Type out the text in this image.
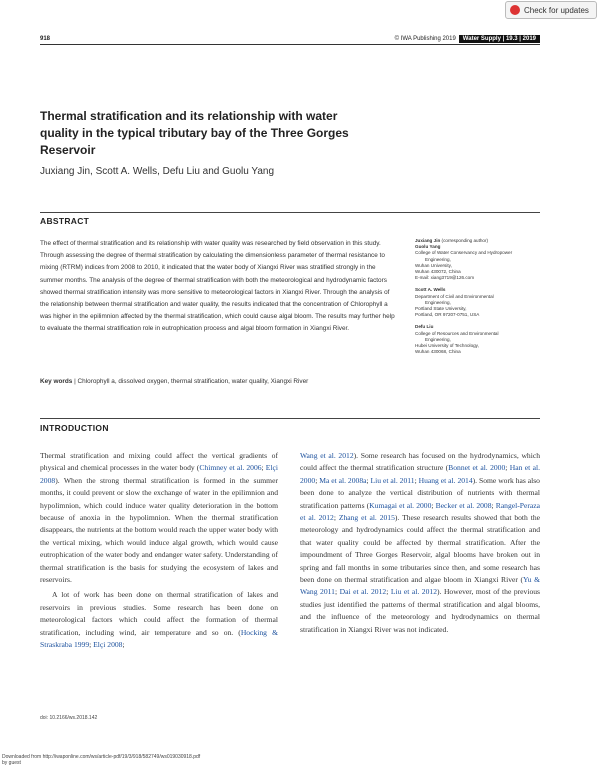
Check for updates
918	© IWA Publishing 2019	Water Supply | 19.3 | 2019
Thermal stratification and its relationship with water
quality in the typical tributary bay of the Three Gorges
Reservoir
Juxiang Jin, Scott A. Wells, Defu Liu and Guolu Yang
ABSTRACT
The effect of thermal stratification and its relationship with water quality was researched by field observation in this study. Through assessing the degree of thermal stratification by calculating the dimensionless parameter of thermal resistance to mixing (RTRM) indices from 2008 to 2010, it indicated that the water body of Xiangxi River was stratified strongly in the summer months. The analysis of the degree of thermal stratification with both the meteorological and hydrodynamic factors showed thermal stratification intensity was more sensitive to meteorological factors in Xiangxi River. Through the analysis of the relationship between thermal stratification and water quality, the results indicated that the concentration of Chlorophyll a was higher in the epilimnion affected by the thermal stratification, which could cause algal bloom. The results may further help to evaluate the thermal stratification role in eutrophication process and algal bloom formation in Xiangxi River.
Key words | Chlorophyll a, dissolved oxygen, thermal stratification, water quality, Xiangxi River
Juxiang Jin (corresponding author)
Guolu Yang
College of Water Conservancy and Hydropower
Engineering,
Wuhan University,
Wuhan 430072, China
E-mail: xiang3719@126.com
Scott A. Wells
Department of Civil and Environmental
Engineering,
Portland State University,
Portland, OR 97207-0751, USA
Defu Liu
College of Resources and Environmental
Engineering,
Hubei University of Technology,
Wuhan 430068, China
INTRODUCTION

Thermal stratification and mixing could affect the vertical gradients of physical and chemical processes in the water body (Chimney et al. 2006; Elçi 2008). When the strong thermal stratification is formed in the summer months, it could prevent or slow the exchange of water in the epilimnion and hypolimnion, which could induce water quality deterioration in the bottom because of anoxia in the hypolimnion. When the thermal stratification disappears, the nutrients at the bottom would reach the upper water body with the vertical mixing, which would induce algal growth, which would cause eutrophication of the water body and endanger water safety. Understanding of thermal stratification is the basis for studying the ecosystem of lakes and reservoirs.

A lot of work has been done on thermal stratification of lakes and reservoirs in previous studies. Some research has been done on meteorological factors which could affect the formation of thermal stratification, including wind, air temperature and so on. (Hocking & Straskraba 1999; Elçi 2008;

Wang et al. 2012). Some research has focused on the hydrodynamics, which could affect the thermal stratification structure (Bonnet et al. 2000; Han et al. 2000; Ma et al. 2008a; Liu et al. 2011; Huang et al. 2014). Some work has also been done to analyze the vertical distribution of nutrients with thermal stratification patterns (Kumagai et al. 2000; Becker et al. 2008; Rangel-Peraza et al. 2012; Zhang et al. 2015). These research results showed that both the meteorology and hydrodynamics could affect the thermal stratification and that water quality could be affected by thermal stratification. After the impoundment of Three Gorges Reservoir, algal blooms have broken out in spring and fall months in some tributaries since then, and some research has been done on thermal stratification and algae bloom in Xiangxi River (Yu & Wang 2011; Dai et al. 2012; Liu et al. 2012). However, most of the previous studies just identified the patterns of thermal stratification and algal blooms, and the influence of the meteorology and hydrodynamics on thermal stratification in Xiangxi River was not indicated.

doi: 10.2166/ws.2018.142
Downloaded from http://iwaponline.com/ws/article-pdf/19/3/918/582749/ws019030918.pdf
by guest
